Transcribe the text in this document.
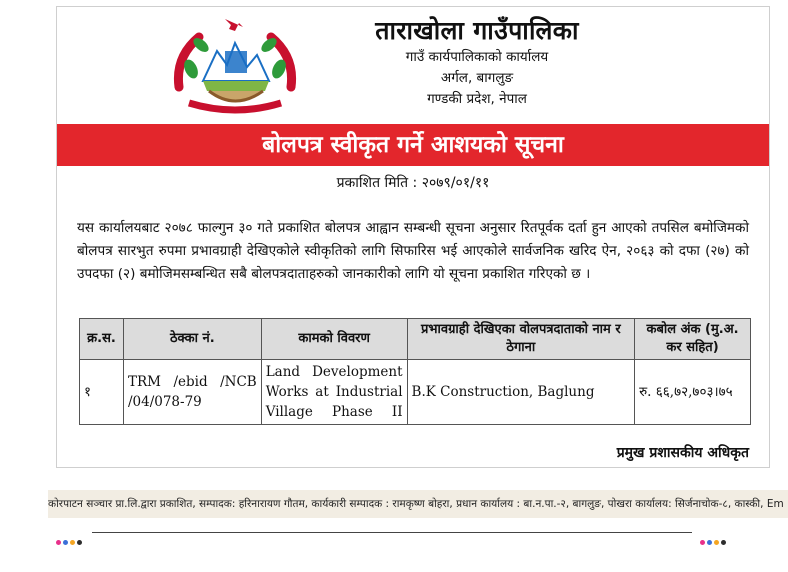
ताराखोला गाउँपालिका
गाउँ कार्यपालिकाको कार्यालय
अर्गल, बागलुङ
गण्डकी प्रदेश, नेपाल
बोलपत्र स्वीकृत गर्ने आशयको सूचना
प्रकाशित मिति : २०७९/०१/११
यस कार्यालयबाट २०७८ फाल्गुन ३० गते प्रकाशित बोलपत्र आह्वान सम्बन्धी सूचना अनुसार रितपूर्वक दर्ता हुन आएको तपसिल बमोजिमको बोलपत्र सारभुत रुपमा प्रभावग्राही देखिएकोले स्वीकृतिको लागि सिफारिस भई आएकोले सार्वजनिक खरिद ऐन, २०६३ को दफा (२७) को उपदफा (२) बमोजिमसम्बन्धित सबै बोलपत्रदाताहरुको जानकारीको लागि यो सूचना प्रकाशित गरिएको छ ।
क्र.स.	ठेक्का नं.	कामको विवरण	प्रभावग्राही देखिएका वोलपत्रदाताको नाम र ठेगाना	कबोल अंक (मु.अ. कर सहित)
१	TRM /ebid /NCB /04/078-79	Land Development Works at Industrial Village Phase II	B.K Construction, Baglung	रु. ६६,७२,७०३।७५
प्रमुख प्रशासकीय अधिकृत
कोरपाटन सञ्चार प्रा.लि.द्वारा प्रकाशित, सम्पादक: हरिनारायण गौतम, कार्यकारी सम्पादक : रामकृष्ण बोहरा, प्रधान कार्यालय : बा.न.पा.-२, बागलुङ, पोखरा कार्यालय: सिर्जनाचोक-८, कास्की, Em
